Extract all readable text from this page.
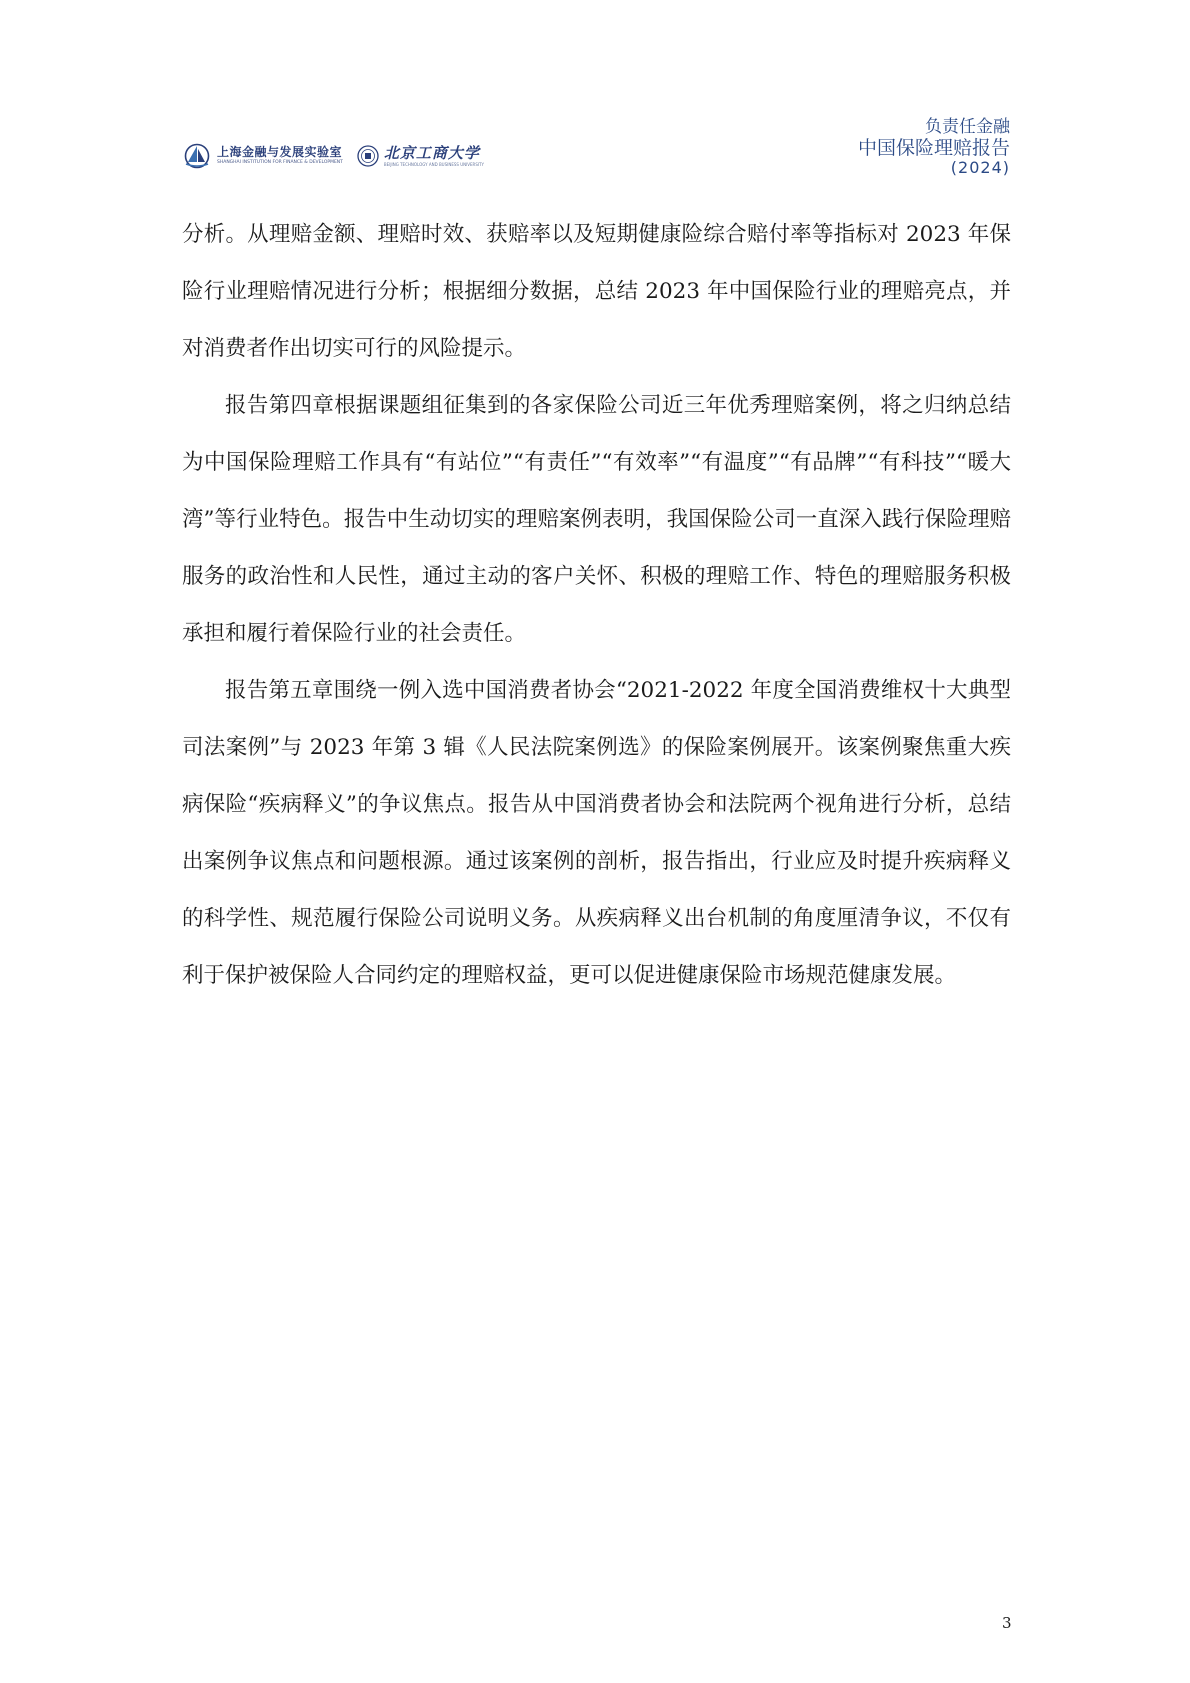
上海金融与发展实验室
SHANGHAI INSTITUTION FOR FINANCE & DEVELOPMENT
北京工商大学
BEIJING TECHNOLOGY AND BUSINESS UNIVERSITY
负责任金融
中国保险理赔报告
(2024)

分析。从理赔金额、理赔时效、获赔率以及短期健康险综合赔付率等指标对 2023 年保险行业理赔情况进行分析；根据细分数据，总结 2023 年中国保险行业的理赔亮点，并对消费者作出切实可行的风险提示。

报告第四章根据课题组征集到的各家保险公司近三年优秀理赔案例，将之归纳总结为中国保险理赔工作具有“有站位”“有责任”“有效率”“有温度”“有品牌”“有科技”“暖大湾”等行业特色。报告中生动切实的理赔案例表明，我国保险公司一直深入践行保险理赔服务的政治性和人民性，通过主动的客户关怀、积极的理赔工作、特色的理赔服务积极承担和履行着保险行业的社会责任。

报告第五章围绕一例入选中国消费者协会“2021-2022 年度全国消费维权十大典型司法案例”与 2023 年第 3 辑《人民法院案例选》的保险案例展开。该案例聚焦重大疾病保险“疾病释义”的争议焦点。报告从中国消费者协会和法院两个视角进行分析，总结出案例争议焦点和问题根源。通过该案例的剖析，报告指出，行业应及时提升疾病释义的科学性、规范履行保险公司说明义务。从疾病释义出台机制的角度厘清争议，不仅有利于保护被保险人合同约定的理赔权益，更可以促进健康保险市场规范健康发展。

3
